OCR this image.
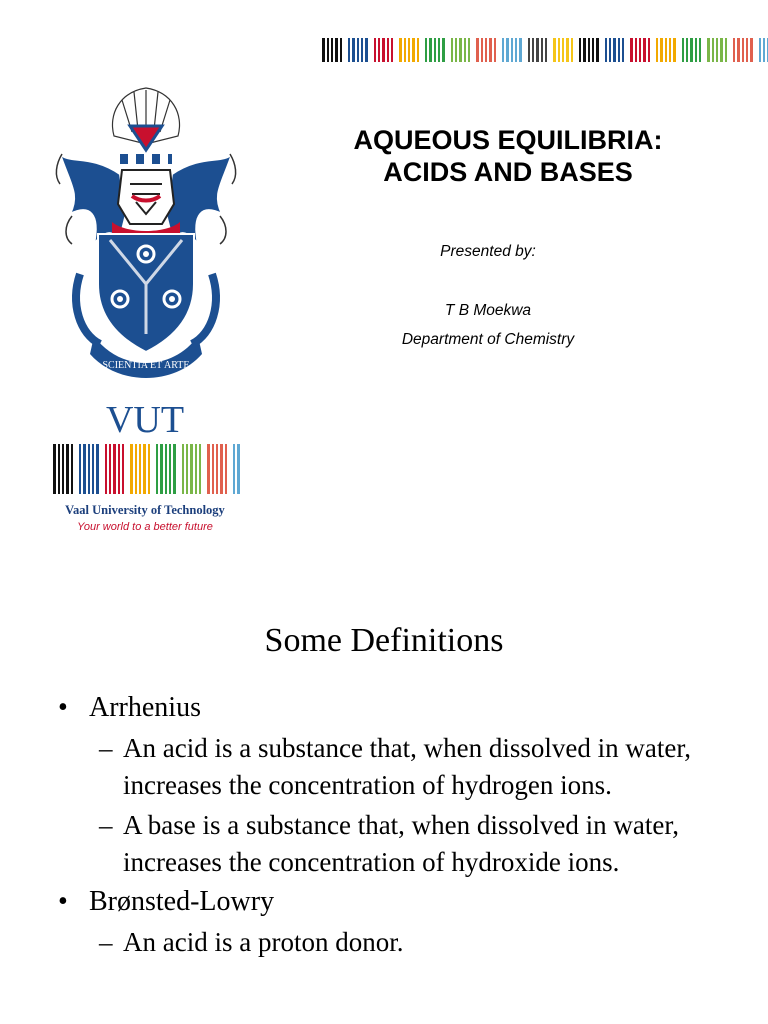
SCIENTIA ET ARTE
VUT
Vaal University of Technology
Your world to a better future
AQUEOUS EQUILIBRIA:
ACIDS AND BASES
Presented by:
T B Moekwa
Department of Chemistry
Some Definitions
• Arrhenius
– An acid is a substance that, when dissolved in water, increases the concentration of hydrogen ions.
– A base is a substance that, when dissolved in water, increases the concentration of hydroxide ions.
• Brønsted-Lowry
– An acid is a proton donor.
